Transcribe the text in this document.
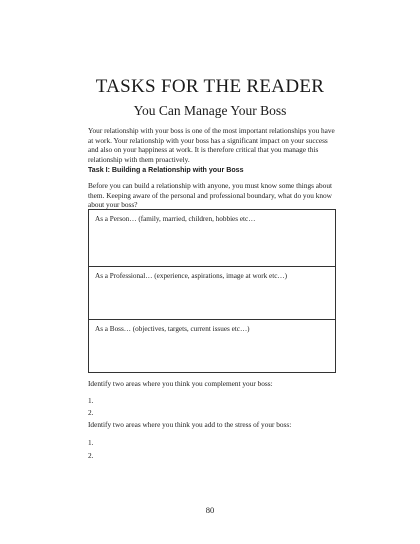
TASKS FOR THE READER
You Can Manage Your Boss
Your relationship with your boss is one of the most important relationships you have at work. Your relationship with your boss has a significant impact on your success and also on your happiness at work. It is therefore critical that you manage this relationship with them proactively.
Task I: Building a Relationship with your Boss
Before you can build a relationship with anyone, you must know some things about them. Keeping aware of the personal and professional boundary, what do you know about your boss?
As a Person… (family, married, children, hobbies etc…
As a Professional… (experience, aspirations, image at work etc…)
As a Boss… (objectives, targets, current issues etc…)
Identify two areas where you think you complement your boss:
1.
2.
Identify two areas where you think you add to the stress of your boss:
1.
2.
80
